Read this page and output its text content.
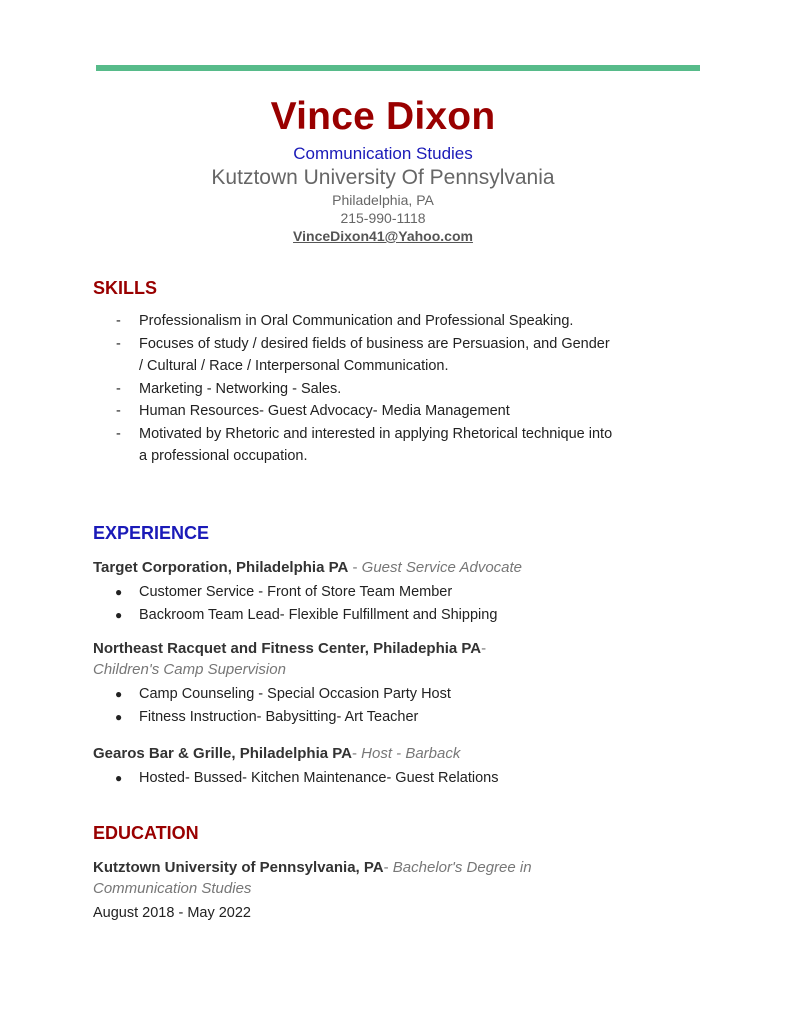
Vince Dixon
Communication Studies
Kutztown University Of Pennsylvania
Philadelphia, PA
215-990-1118
VinceDixon41@Yahoo.com
SKILLS
- Professionalism in Oral Communication and Professional Speaking.
- Focuses of study / desired fields of business are Persuasion, and Gender / Cultural / Race / Interpersonal Communication.
- Marketing - Networking - Sales.
- Human Resources- Guest Advocacy- Media Management
- Motivated by Rhetoric and interested in applying Rhetorical technique into a professional occupation.
EXPERIENCE
Target Corporation, Philadelphia PA - Guest Service Advocate
● Customer Service - Front of Store Team Member
● Backroom Team Lead- Flexible Fulfillment and Shipping
Northeast Racquet and Fitness Center, Philadephia PA-Children's Camp Supervision
● Camp Counseling - Special Occasion Party Host
● Fitness Instruction- Babysitting- Art Teacher
Gearos Bar & Grille, Philadelphia PA- Host - Barback
● Hosted- Bussed- Kitchen Maintenance- Guest Relations
EDUCATION
Kutztown University of Pennsylvania, PA- Bachelor's Degree in Communication Studies
August 2018 - May 2022
